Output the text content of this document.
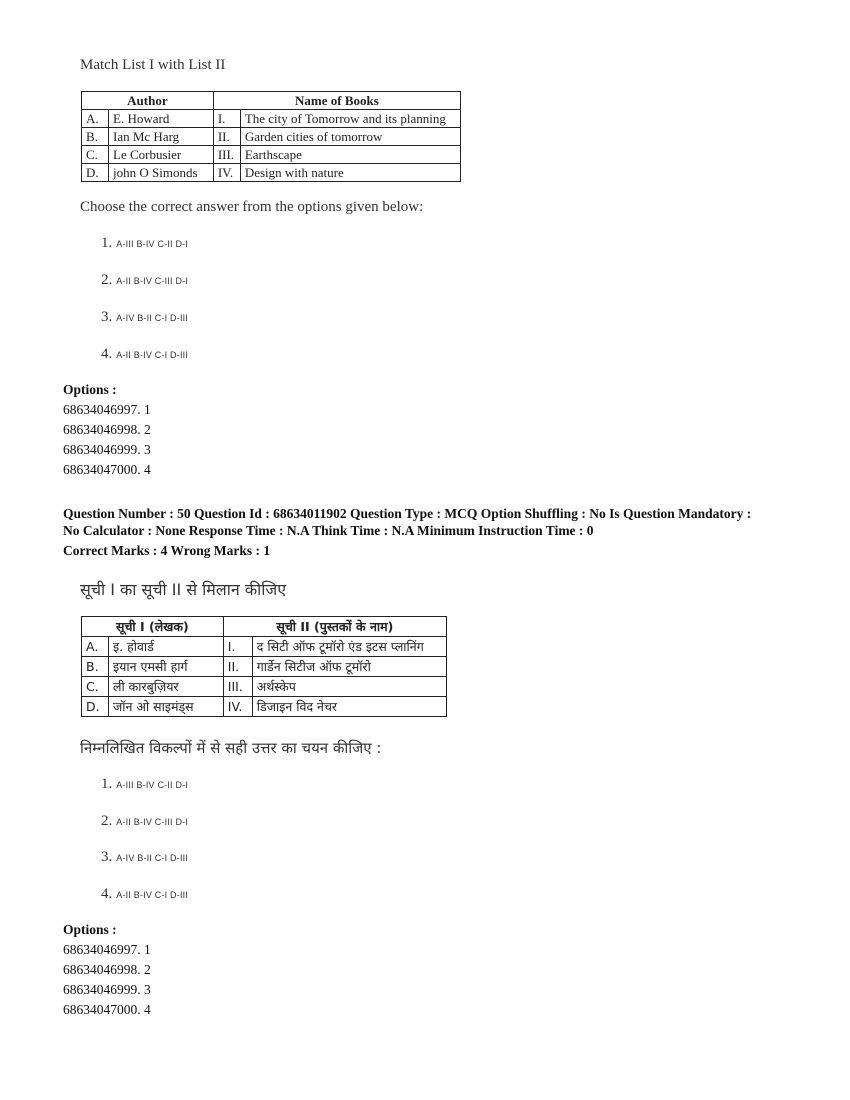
Match List I with List II
Author		Name of Books	
A.	E. Howard	I.	The city of Tomorrow and its planning
B.	Ian Mc Harg	II.	Garden cities of tomorrow
C.	Le Corbusier	III.	Earthscape
D.	john O Simonds	IV.	Design with nature
Choose the correct answer from the options given below:
1. A-III B-IV C-II D-I
2. A-II B-IV C-III D-I
3. A-IV B-II C-I D-III
4. A-II B-IV C-I D-III
Options :
68634046997. 1
68634046998. 2
68634046999. 3
68634047000. 4
Question Number : 50 Question Id : 68634011902 Question Type : MCQ Option Shuffling : No Is Question Mandatory :
No Calculator : None Response Time : N.A Think Time : N.A Minimum Instruction Time : 0
Correct Marks : 4 Wrong Marks : 1
सूची I का सूची II से मिलान कीजिए
सूची I (लेखक)		सूची II (पुस्तकों के नाम)	
A.	इ. होवार्ड	I.	द सिटी ऑफ टूमॉरो एंड इटस प्लानिंग
B.	इयान एमसी हार्ग	II.	गार्डेन सिटीज ऑफ टूमॉरो
C.	ली कारबुज़ियर	III.	अर्थस्केप
D.	जॉन ओ साइमंड्स	IV.	डिजाइन विद नेचर
निम्नलिखित विकल्पों में से सही उत्तर का चयन कीजिए :
1. A-III B-IV C-II D-I
2. A-II B-IV C-III D-I
3. A-IV B-II C-I D-III
4. A-II B-IV C-I D-III
Options :
68634046997. 1
68634046998. 2
68634046999. 3
68634047000. 4
